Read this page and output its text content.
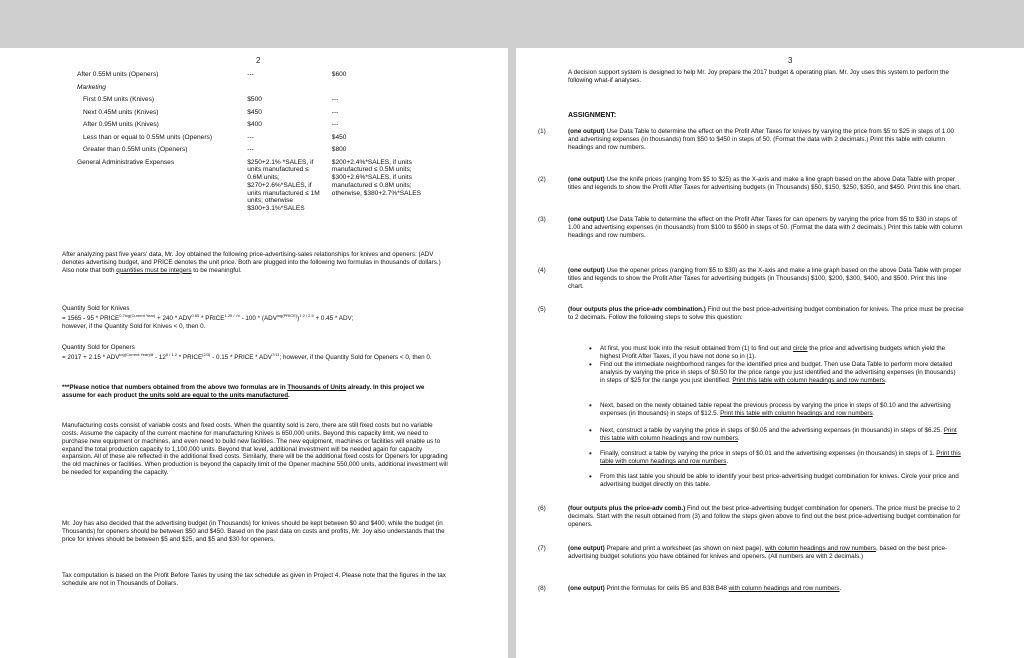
2
After 0.55M units (Openers)	---	$600
Marketing		
First 0.5M units (Knives)	$500	---
Next 0.45M units (Knives)	$450	---
After 0.95M units (Knives)	$400	---
Less than or equal to 0.55M units (Openers)	---	$450
Greater than 0.55M units (Openers)	---	$800
General Administrative Expenses	$250+2.1% *SALES, if units manufactured ≤ 0.6M units; $270+2.6%*SALES, if units manufactured ≤ 1M units; otherwise $300+3.1%*SALES	$200+2.4%*SALES, if units manufactured ≤ 0.5M units; $300+2.6%*SALES, if units manufactured ≤ 0.8M units; otherwise, $380+2.7%*SALES
After analyzing past five years' data, Mr. Joy obtained the following price-advertising-sales relationships for knives and openers: (ADV denotes advertising budget, and PRICE denotes the unit price. Both are plugged into the following two formulas in thousands of dollars.) Also note that both quantities must be integers to be meaningful.
Quantity Sold for Knives
= $1565 - 95 * PRICE^{0.7log(Current Year)} + 240 * ADV^{0.65}$ * $PRICE^{1.25 / √x} - 100 * (ADV^{log(PRICE)})^{1.2 / 2.5} + 0.45$ * ADV;
however, if the Quantity Sold for Knives < 0, then 0.
Quantity Sold for Openers
= $2017 + 2.15 * ADV^{log(Current Year)/8} - 12^{6 / 1.2}$ * $PRICE^{(2/3)} - 0.15$ * PRICE * $ADV^{7/11}$; however, if the Quantity Sold for Openers < 0, then 0.
***Please notice that numbers obtained from the above two formulas are in Thousands of Units already. In this project we assume for each product the units sold are equal to the units manufactured.
Manufacturing costs consist of variable costs and fixed costs. When the quantity sold is zero, there are still fixed costs but no variable costs. Assume the capacity of the current machine for manufacturing Knives is 650,000 units. Beyond this capacity limit, we need to purchase new equipment or machines, and even need to build new facilities. The new equipment, machines or facilities will enable us to expand the total production capacity to 1,100,000 units. Beyond that level, additional investment will be needed again for capacity expansion. All of these are reflected in the additional fixed costs. Similarly, there will be the additional fixed costs for Openers for upgrading the old machines or facilities. When production is beyond the capacity limit of the Opener machine 550,000 units, additional investment will be needed for expanding the capacity.
Mr. Joy has also decided that the advertising budget (in Thousands) for knives should be kept between $0 and $400, while the budget (in Thousands) for openers should be between $50 and $450. Based on the past data on costs and profits, Mr. Joy also understands that the price for knives should be between $5 and $25, and $5 and $30 for openers.
Tax computation is based on the Profit Before Taxes by using the tax schedule as given in Project 4. Please note that the figures in the tax schedule are not in Thousands of Dollars.
3
A decision support system is designed to help Mr. Joy prepare the 2017 budget & operating plan. Mr. Joy uses this system to perform the following what-if analyses.
ASSIGNMENT:
(1)	(one output) Use Data Table to determine the effect on the Profit After Taxes for knives by varying the price from $5 to $25 in steps of 1.00 and advertising expenses (in thousands) from $50 to $450 in steps of 50. (Format the data with 2 decimals.) Print this table with column headings and row numbers.
(2)	(one output) Use the knife prices (ranging from $5 to $25) as the X-axis and make a line graph based on the above Data Table with proper titles and legends to show the Profit After Taxes for advertising budgets (in Thousands) $50, $150, $250, $350, and $450. Print this line chart.
(3)	(one output) Use Data Table to determine the effect on the Profit After Taxes for can openers by varying the price from $5 to $30 in steps of 1.00 and advertising expenses (in thousands) from $100 to $500 in steps of 50. (Format the data with 2 decimals.) Print this table with column headings and row numbers.
(4)	(one output) Use the opener prices (ranging from $5 to $30) as the X-axis and make a line graph based on the above Data Table with proper titles and legends to show the Profit After Taxes for advertising budgets (in Thousands) $100, $200, $300, $400, and $500. Print this line chart.
(5)	(four outputs plus the price-adv combination.) Find out the best price-advertising budget combination for knives. The price must be precise to 2 decimals. Follow the following steps to solve this question:
• At first, you must look into the result obtained from (1) to find out and circle the price and advertising budgets which yield the highest Profit After Taxes, if you have not done so in (1).
• Find out the immediate neighborhood ranges for the identified price and budget. Then use Data Table to perform more detailed analysis by varying the price in steps of $0.50 for the price range you just identified and the advertising expenses (in thousands) in steps of $25 for the range you just identified. Print this table with column headings and row numbers.
• Next, based on the newly obtained table repeat the previous process by varying the price in steps of $0.10 and the advertising expenses (in thousands) in steps of $12.5. Print this table with column headings and row numbers.
• Next, construct a table by varying the price in steps of $0.05 and the advertising expenses (in thousands) in steps of $6.25. Print this table with column headings and row numbers.
• Finally, construct a table by varying the price in steps of $0.01 and the advertising expenses (in thousands) in steps of 1. Print this table with column headings and row numbers.
• From this last table you should be able to identify your best price-advertising budget combination for knives. Circle your price and advertising budget directly on this table.
(6)	(four outputs plus the price-adv comb.) Find out the best price-advertising budget combination for openers. The price must be precise to 2 decimals. Start with the result obtained from (3) and follow the steps given above to find out the best price-advertising budget combination for openers.
(7)	(one output) Prepare and print a worksheet (as shown on next page), with column headings and row numbers, based on the best price-advertising budget solutions you have obtained for knives and openers. (All numbers are with 2 decimals.)
(8)	(one output) Print the formulas for cells B5 and B38:B48 with column headings and row numbers.
